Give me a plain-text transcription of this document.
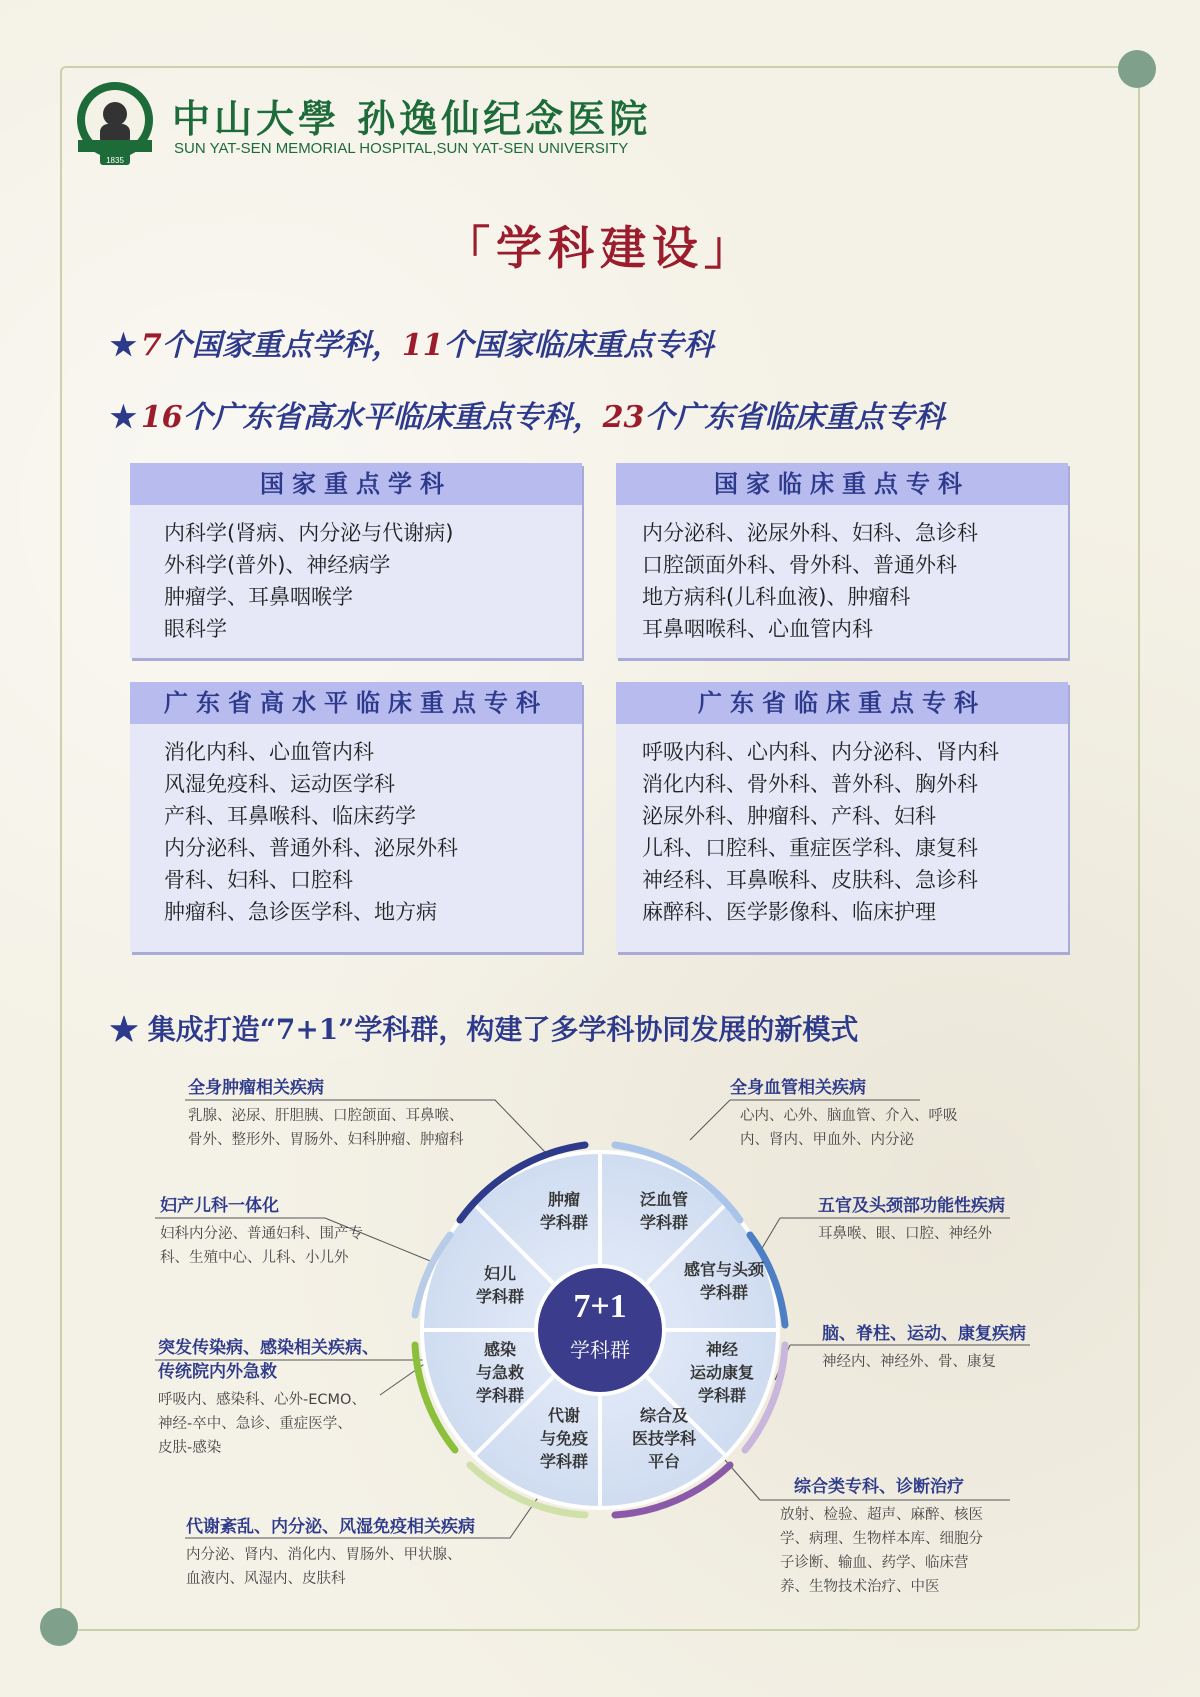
1835
中山大學 孙逸仙纪念医院
SUN YAT-SEN MEMORIAL HOSPITAL,SUN YAT-SEN UNIVERSITY
「学科建设」
★ 7个国家重点学科，11个国家临床重点专科
★ 16个广东省高水平临床重点专科，23个广东省临床重点专科
国家重点学科
内科学(肾病、内分泌与代谢病)
外科学(普外)、神经病学
肿瘤学、耳鼻咽喉学
眼科学
国家临床重点专科
内分泌科、泌尿外科、妇科、急诊科
口腔颌面外科、骨外科、普通外科
地方病科(儿科血液)、肿瘤科
耳鼻咽喉科、心血管内科
广东省高水平临床重点专科
消化内科、心血管内科
风湿免疫科、运动医学科
产科、耳鼻喉科、临床药学
内分泌科、普通外科、泌尿外科
骨科、妇科、口腔科
肿瘤科、急诊医学科、地方病
广东省临床重点专科
呼吸内科、心内科、内分泌科、肾内科
消化内科、骨外科、普外科、胸外科
泌尿外科、肿瘤科、产科、妇科
儿科、口腔科、重症医学科、康复科
神经科、耳鼻喉科、皮肤科、急诊科
麻醉科、医学影像科、临床护理
★ 集成打造“7+1”学科群，构建了多学科协同发展的新模式
7+1
学科群
肿瘤
学科群
泛血管
学科群
感官与头颈
学科群
神经
运动康复
学科群
综合及
医技学科
平台
代谢
与免疫
学科群
感染
与急救
学科群
妇儿
学科群
全身肿瘤相关疾病
乳腺、泌尿、肝胆胰、口腔颌面、耳鼻喉、
骨外、整形外、胃肠外、妇科肿瘤、肿瘤科
全身血管相关疾病
心内、心外、脑血管、介入、呼吸
内、肾内、甲血外、内分泌
妇产儿科一体化
妇科内分泌、普通妇科、围产专
科、生殖中心、儿科、小儿外
五官及头颈部功能性疾病
耳鼻喉、眼、口腔、神经外
突发传染病、感染相关疾病、
传统院内外急救
呼吸内、感染科、心外-ECMO、
神经-卒中、急诊、重症医学、
皮肤-感染
脑、脊柱、运动、康复疾病
神经内、神经外、骨、康复
代谢紊乱、内分泌、风湿免疫相关疾病
内分泌、肾内、消化内、胃肠外、甲状腺、
血液内、风湿内、皮肤科
综合类专科、诊断治疗
放射、检验、超声、麻醉、核医
学、病理、生物样本库、细胞分
子诊断、输血、药学、临床营
养、生物技术治疗、中医
